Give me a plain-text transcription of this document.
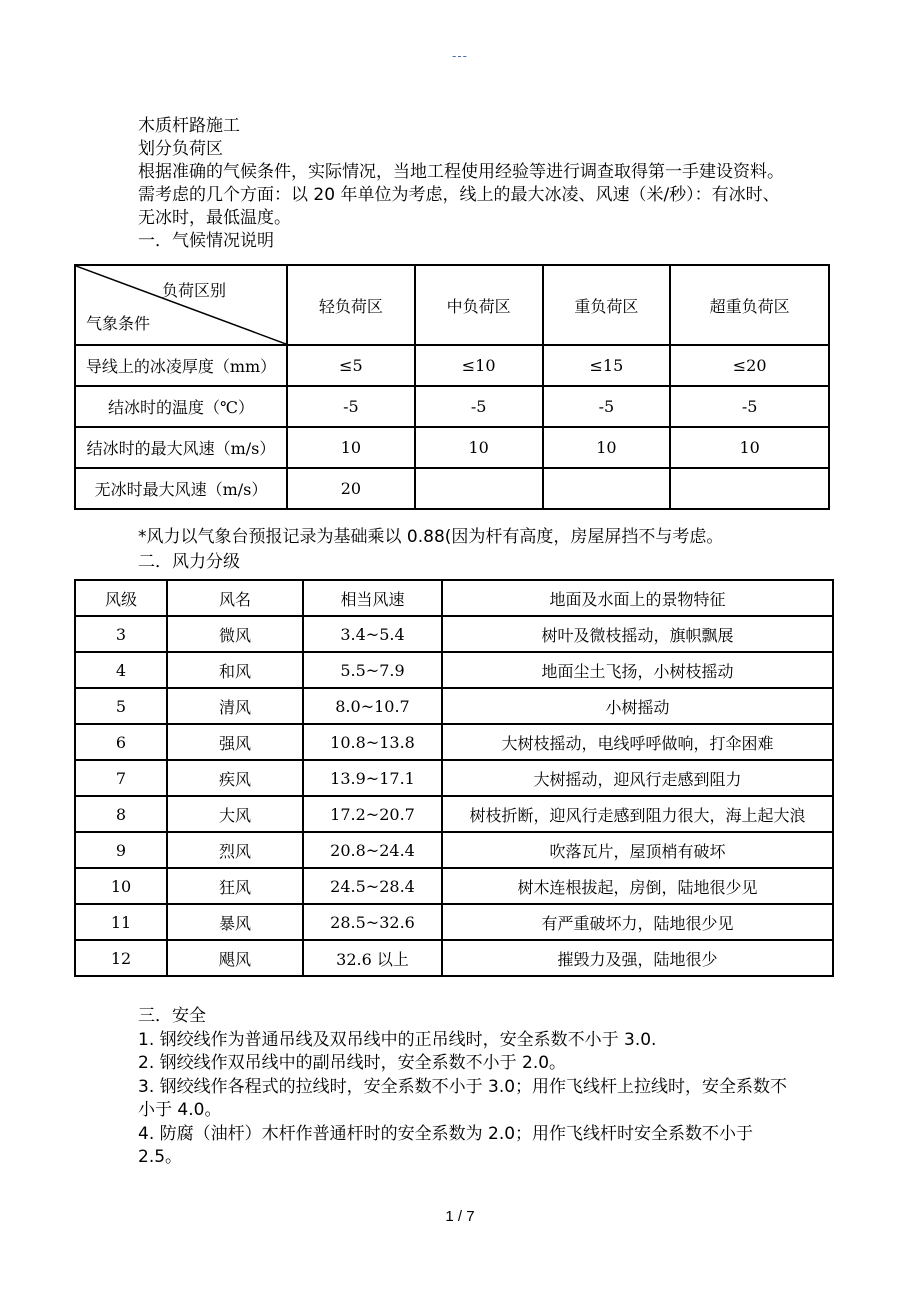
---
木质杆路施工
划分负荷区
根据准确的气候条件，实际情况，当地工程使用经验等进行调查取得第一手建设资料。需考虑的几个方面：以 20 年单位为考虑，线上的最大冰凌、风速（米/秒）：有冰时、无冰时，最低温度。
一．气候情况说明
负荷区别
气象条件	轻负荷区	中负荷区	重负荷区	超重负荷区
导线上的冰凌厚度（mm）	≤5	≤10	≤15	≤20
结冰时的温度（℃）	-5	-5	-5	-5
结冰时的最大风速（m/s）	10	10	10	10
无冰时最大风速（m/s）	20			
*风力以气象台预报记录为基础乘以 0.88(因为杆有高度，房屋屏挡不与考虑。
二．风力分级
风级	风名	相当风速	地面及水面上的景物特征
3	微风	3.4~5.4	树叶及微枝摇动，旗帜飘展
4	和风	5.5~7.9	地面尘土飞扬，小树枝摇动
5	清风	8.0~10.7	小树摇动
6	强风	10.8~13.8	大树枝摇动，电线呼呼做响，打伞困难
7	疾风	13.9~17.1	大树摇动，迎风行走感到阻力
8	大风	17.2~20.7	树枝折断，迎风行走感到阻力很大，海上起大浪
9	烈风	20.8~24.4	吹落瓦片，屋顶梢有破坏
10	狂风	24.5~28.4	树木连根拔起，房倒，陆地很少见
11	暴风	28.5~32.6	有严重破坏力，陆地很少见
12	飓风	32.6 以上	摧毁力及强，陆地很少
三．安全
1. 钢绞线作为普通吊线及双吊线中的正吊线时，安全系数不小于 3.0.
2. 钢绞线作双吊线中的副吊线时，安全系数不小于 2.0。
3. 钢绞线作各程式的拉线时，安全系数不小于 3.0；用作飞线杆上拉线时，安全系数不小于 4.0。
4. 防腐（油杆）木杆作普通杆时的安全系数为 2.0；用作飞线杆时安全系数不小于 2.5。
1 / 7
